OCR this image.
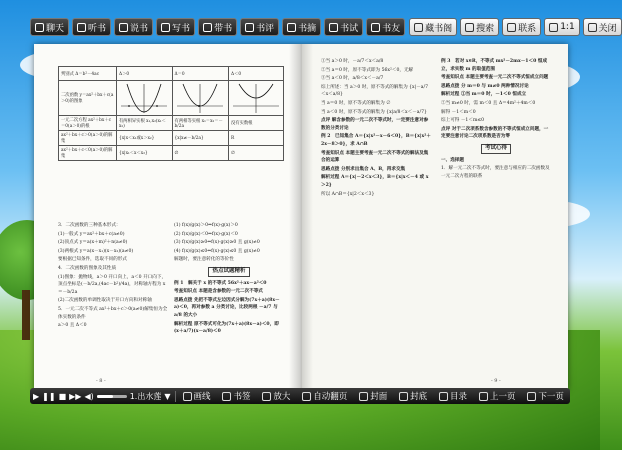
聊天	听书	说书	写书	带书	书评	书摘	书试	书友	藏书阁	搜索	联系	1:1	关闭
判别式 Δ＝b²－4ac	Δ＞0	Δ＝0	Δ＜0
二次函数 y＝ax²＋bx＋c(a＞0)的图象	

一元二次方程 ax²＋bx＋c＝0(a＞0)的根	有两相异实根 x₁,x₂(x₁＜x₂)	有两相等实根 x₁＝x₂＝－b/2a	没有实数根
ax²＋bx＋c＞0(a＞0)的解集	{x|x＜x₁或x＞x₂}	{x|x≠－b/2a}	R
ax²＋bx＋c＜0(a＞0)的解集	{x|x₁＜x＜x₂}	∅	∅

3．二次函数的三种基本形式：

(1)一般式 y＝ax²＋bx＋c(a≠0)

(2)顶点式 y＝a(x＋m)²＋n(a≠0)

(3)两根式 y＝a(x－x₁)(x－x₂)(a≠0)

要根据已知条件，选取不同的形式

4．二次函数的图象及其性质

(1)图象：抛物线，a＞0 开口向上，a＜0 开口向下，顶点坐标是(－b/2a,(4ac－b²)/4a)，对称轴方程为 x＝－b/2a

(2)二次函数的单调性取决于开口方向和对称轴

5．一元二次不等式 ax²＋bx＋c＞0(a≠0)解集恒为全体实数的条件

a＞0 且 Δ＜0

(1) f(x)/g(x)＞0⇔f(x)·g(x)＞0

(2) f(x)/g(x)＜0⇔f(x)·g(x)＜0

(3) f(x)/g(x)≥0⇔f(x)·g(x)≥0 且 g(x)≠0

(4) f(x)/g(x)≤0⇔f(x)·g(x)≤0 且 g(x)≠0

解题时，要注意转化的等价性

热点试题精析

例 1　解关于 x 的不等式 56x²＋ax－a²＜0

考查知识点 本题是含参数的一元二次不等式

思路点拨 先把不等式左边因式分解为(7x＋a)(8x－a)＜0，再对参数 a 分类讨论，比较两根 －a/7 与 a/8 的大小

解析过程 原不等式可化为(7x＋a)(8x－a)＜0，即 (x＋a/7)(x－a/8)＜0

- 8 -

①当 a＞0 时，－a/7＜x＜a/8

②当 a＝0 时，原不等式即为 56x²＜0，无解

③当 a＜0 时，a/8＜x＜－a/7

综上所述：当 a＞0 时，原不等式的解集为 {x|－a/7＜x＜a/8}

当 a＝0 时，原不等式的解集为 ∅

当 a＜0 时，原不等式的解集为 {x|a/8＜x＜－a/7}

点评 解含参数的一元二次不等式时，一定要注意对参数的分类讨论

例 2　已知集合 A＝{x|x²－x－6＜0}，B＝{x|x²＋2x－8＞0}，求 A∩B

考查知识点 本题主要考查一元二次不等式的解法及集合的运算

思路点拨 分别求出集合 A、B，再求交集

解析过程 A＝{x|－2＜x＜3}，B＝{x|x＜－4 或 x＞2}

所以 A∩B＝{x|2＜x＜3}

例 3　若对 x∈R，不等式 mx²－2mx－1＜0 恒成立，求实数 m 的取值范围

考查知识点 本题主要考查一元二次不等式恒成立问题

思路点拨 分 m＝0 与 m≠0 两种情况讨论

解析过程 ①当 m＝0 时，－1＜0 恒成立

②当 m≠0 时，需 m＜0 且 Δ＝4m²＋4m＜0

解得 －1＜m＜0

综上可得 －1＜m≤0

点评 对于二次项系数含参数的不等式恒成立问题，一定要注意讨论二次项系数是否为零

考试心得

一、选择题

1．解一元二次不等式时，要注意与相应的二次函数及一元二次方程的联系

- 9 -
▶ ❚❚ ■ ▶▶ ◀)	1.出水莲 ▼	画线	书签	放大	自动翻页	封面	封底	目录	上一页	下一页
